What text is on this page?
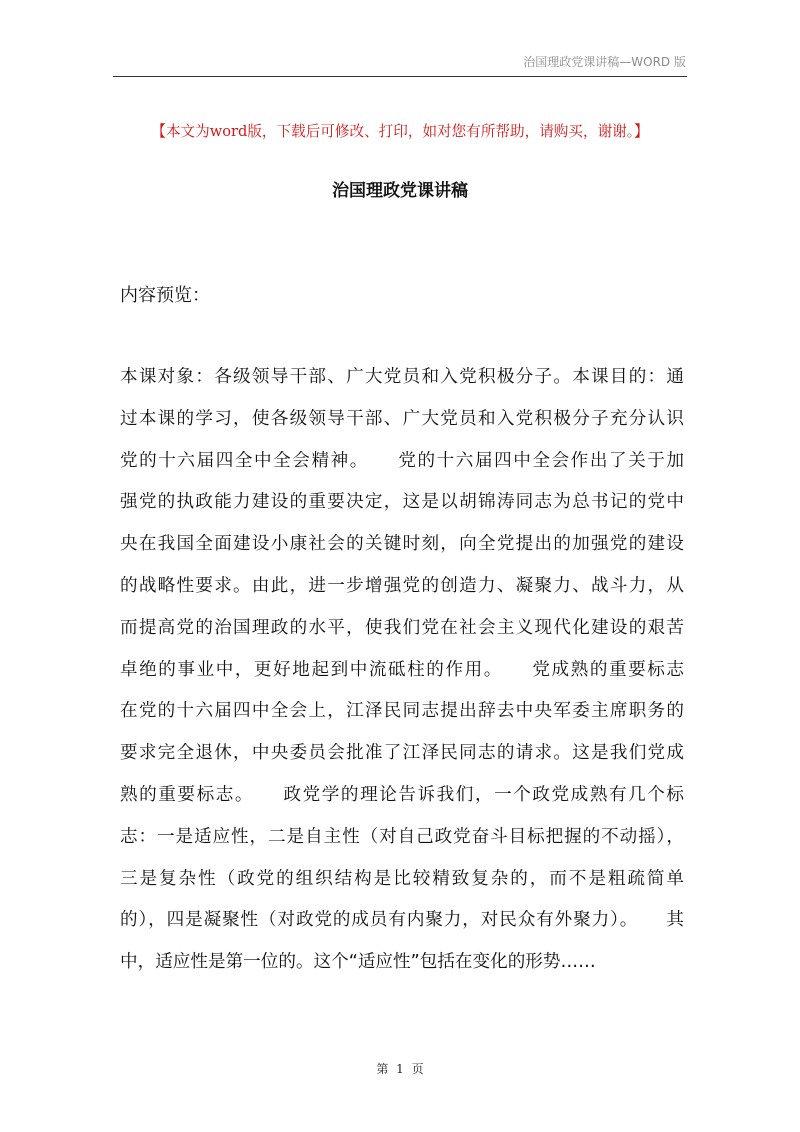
治国理政党课讲稿—WORD 版
【本文为word版，下载后可修改、打印，如对您有所帮助，请购买，谢谢。】
治国理政党课讲稿
内容预览：
本课对象：各级领导干部、广大党员和入党积极分子。本课目的：通
过本课的学习，使各级领导干部、广大党员和入党积极分子充分认识
党的十六届四全中全会精神。　　党的十六届四中全会作出了关于加
强党的执政能力建设的重要决定，这是以胡锦涛同志为总书记的党中
央在我国全面建设小康社会的关键时刻，向全党提出的加强党的建设
的战略性要求。由此，进一步增强党的创造力、凝聚力、战斗力，从
而提高党的治国理政的水平，使我们党在社会主义现代化建设的艰苦
卓绝的事业中，更好地起到中流砥柱的作用。　　党成熟的重要标志
在党的十六届四中全会上，江泽民同志提出辞去中央军委主席职务的
要求完全退休，中央委员会批准了江泽民同志的请求。这是我们党成
熟的重要标志。　　政党学的理论告诉我们，一个政党成熟有几个标
志：一是适应性，二是自主性（对自己政党奋斗目标把握的不动摇），
三是复杂性（政党的组织结构是比较精致复杂的，而不是粗疏简单
的），四是凝聚性（对政党的成员有内聚力，对民众有外聚力）。　　其
中，适应性是第一位的。这个“适应性”包括在变化的形势……
第 1 页
